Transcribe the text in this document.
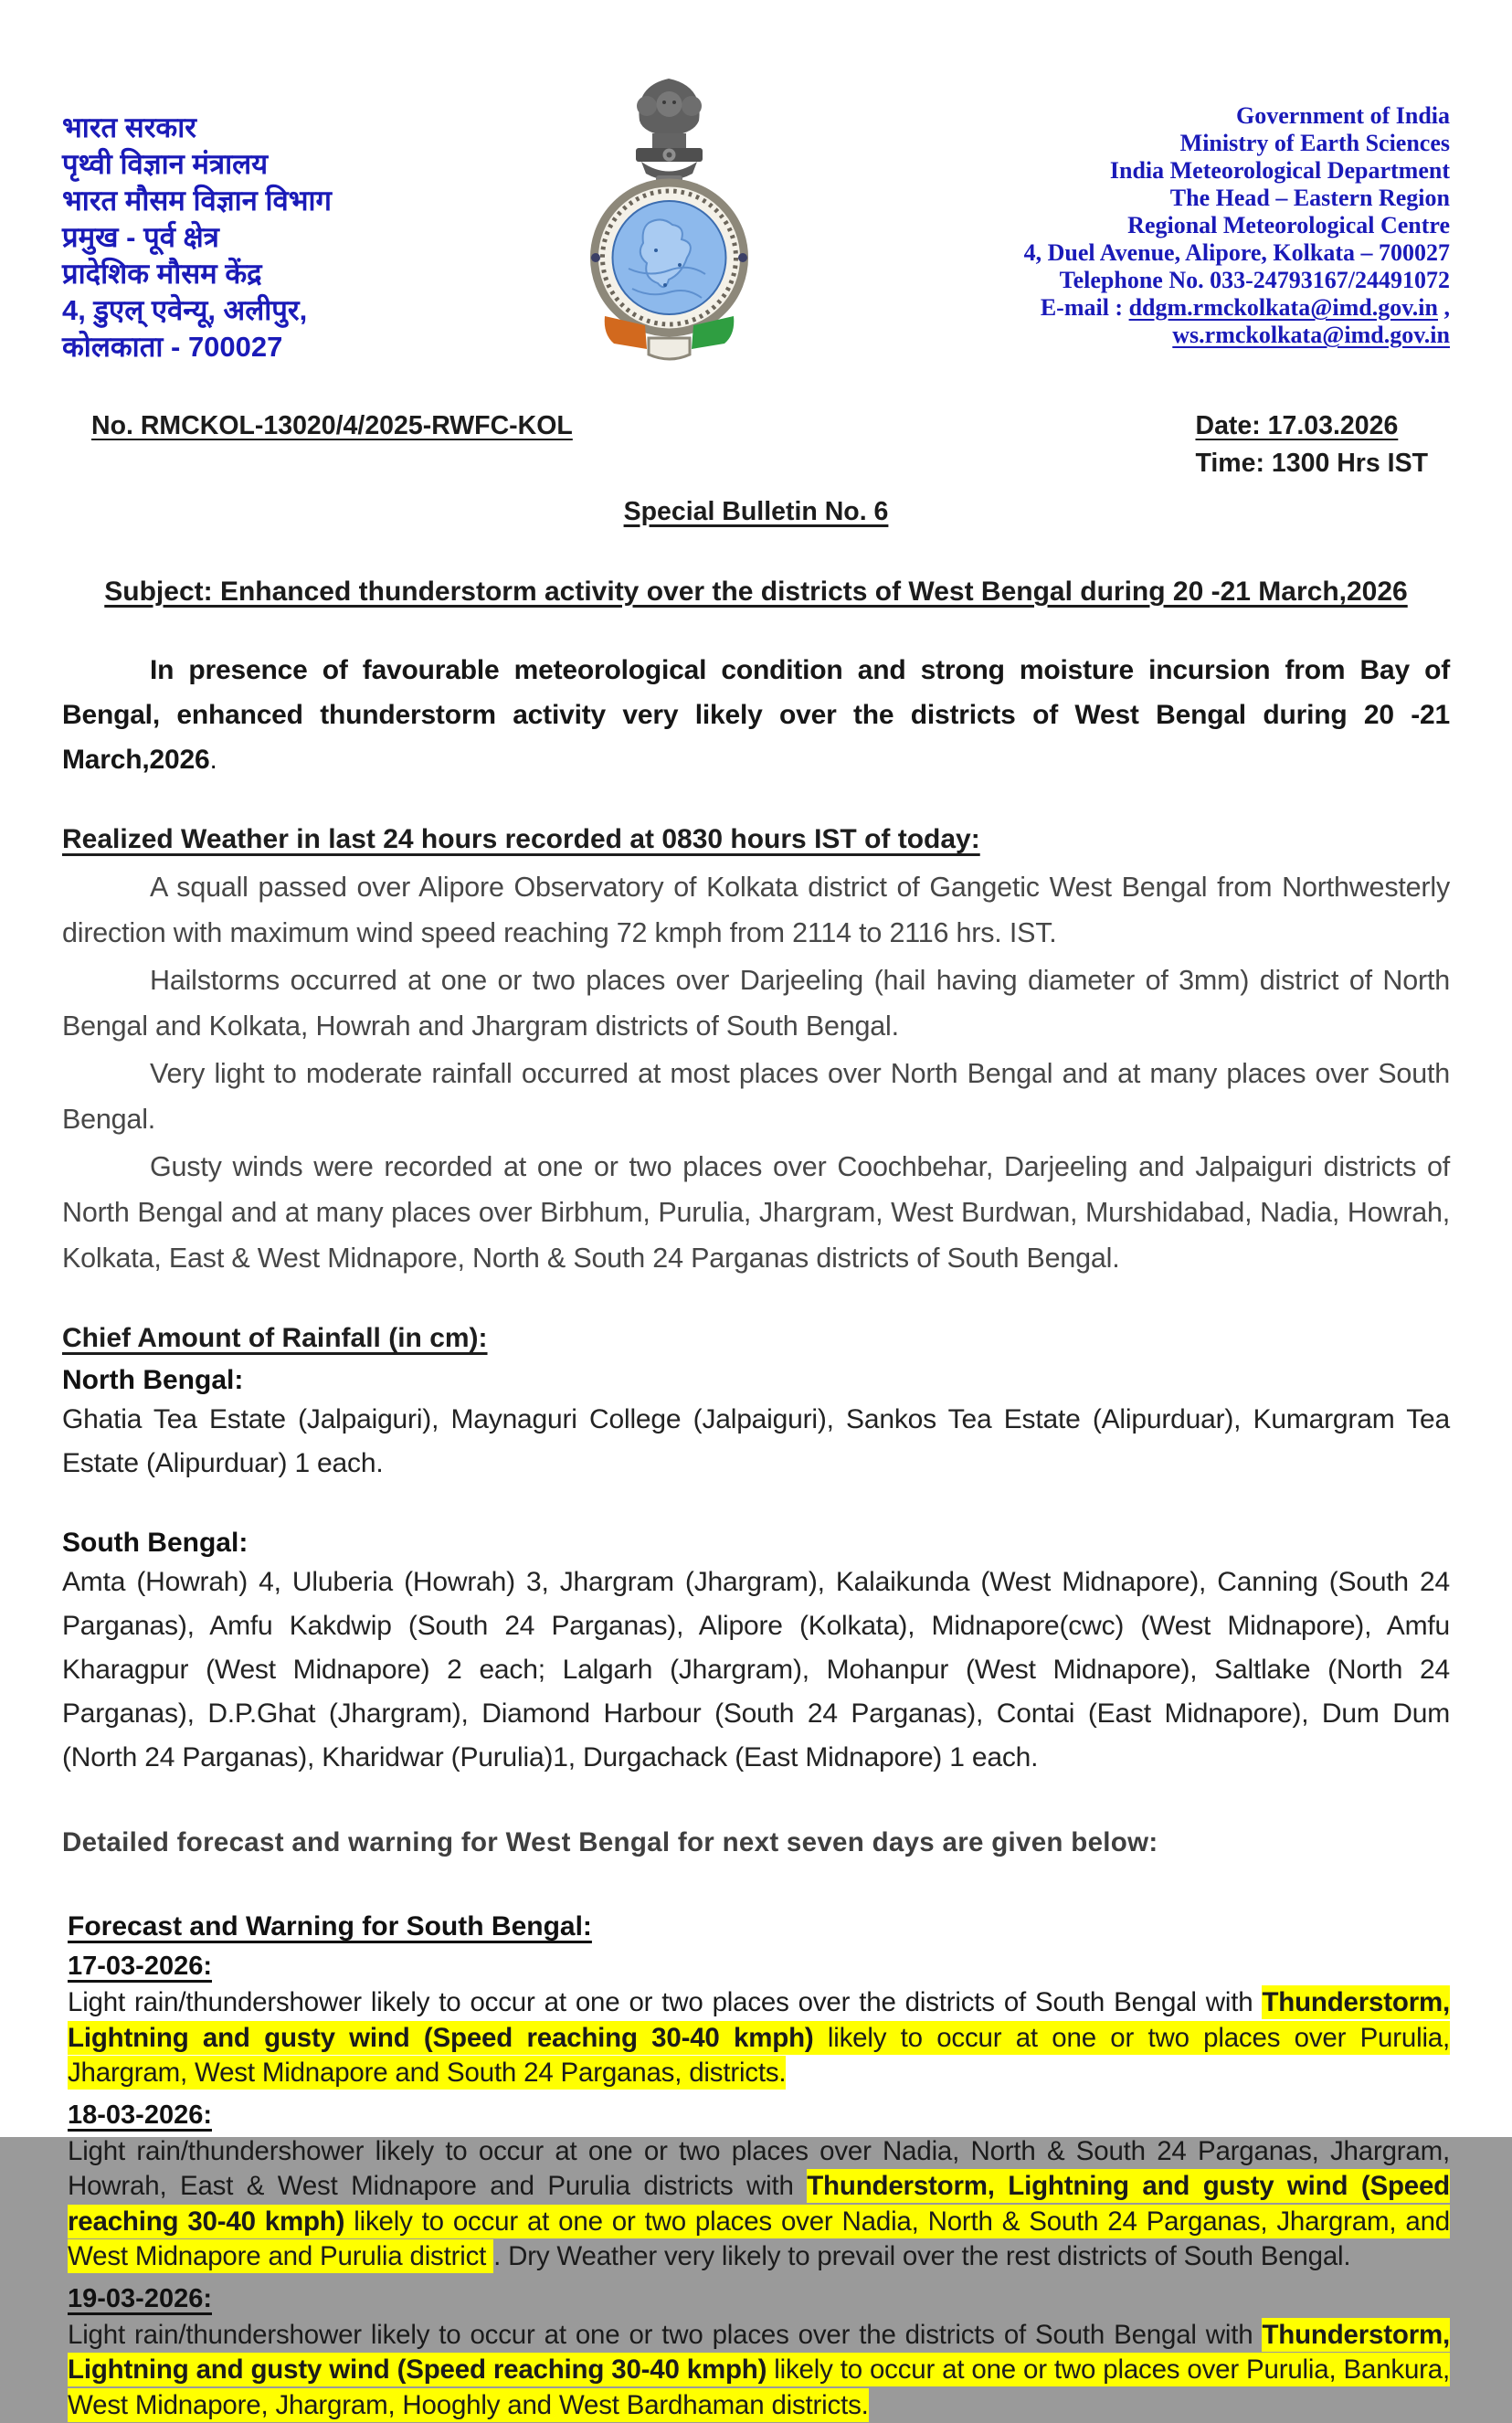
भारत सरकार
पृथ्वी विज्ञान मंत्रालय
भारत मौसम विज्ञान विभाग
प्रमुख - पूर्व क्षेत्र
प्रादेशिक मौसम केंद्र
4, डुएल् एवेन्यू, अलीपुर,
कोलकाता - 700027
Government of India
Ministry of Earth Sciences
India Meteorological Department
The Head – Eastern Region
Regional Meteorological Centre
4, Duel Avenue, Alipore, Kolkata – 700027
Telephone No. 033-24793167/24491072
E-mail : ddgm.rmckolkata@imd.gov.in ,
ws.rmckolkata@imd.gov.in
No. RMCKOL-13020/4/2025-RWFC-KOL	Date: 17.03.2026
Time: 1300 Hrs IST
Special Bulletin No. 6
Subject: Enhanced thunderstorm activity over the districts of West Bengal during 20 -21 March,2026

In presence of favourable meteorological condition and strong moisture incursion from Bay of Bengal, enhanced thunderstorm activity very likely over the districts of West Bengal during 20 -21 March,2026.

Realized Weather in last 24 hours recorded at 0830 hours IST of today:

A squall passed over Alipore Observatory of Kolkata district of Gangetic West Bengal from Northwesterly direction with maximum wind speed reaching 72 kmph from 2114 to 2116 hrs. IST.

Hailstorms occurred at one or two places over Darjeeling (hail having diameter of 3mm) district of North Bengal and Kolkata, Howrah and Jhargram districts of South Bengal.

Very light to moderate rainfall occurred at most places over North Bengal and at many places over South Bengal.

Gusty winds were recorded at one or two places over Coochbehar, Darjeeling and Jalpaiguri districts of North Bengal and at many places over Birbhum, Purulia, Jhargram, West Burdwan, Murshidabad, Nadia, Howrah, Kolkata, East & West Midnapore, North & South 24 Parganas districts of South Bengal.

Chief Amount of Rainfall (in cm):

North Bengal:

Ghatia Tea Estate (Jalpaiguri), Maynaguri College (Jalpaiguri), Sankos Tea Estate (Alipurduar), Kumargram Tea Estate (Alipurduar) 1 each.

South Bengal:

Amta (Howrah) 4, Uluberia (Howrah) 3, Jhargram (Jhargram), Kalaikunda (West Midnapore), Canning (South 24 Parganas), Amfu Kakdwip (South 24 Parganas), Alipore (Kolkata), Midnapore(cwc) (West Midnapore), Amfu Kharagpur (West Midnapore) 2 each; Lalgarh (Jhargram), Mohanpur (West Midnapore), Saltlake (North 24 Parganas), D.P.Ghat (Jhargram), Diamond Harbour (South 24 Parganas), Contai (East Midnapore), Dum Dum (North 24 Parganas), Kharidwar (Purulia)1, Durgachack (East Midnapore) 1 each.

Detailed forecast and warning for West Bengal for next seven days are given below:

Forecast and Warning for South Bengal:

17-03-2026:

Light rain/thundershower likely to occur at one or two places over the districts of South Bengal with Thunderstorm, Lightning and gusty wind (Speed reaching 30-40 kmph) likely to occur at one or two places over Purulia, Jhargram, West Midnapore and South 24 Parganas, districts.

18-03-2026:

Light rain/thundershower likely to occur at one or two places over Nadia, North & South 24 Parganas, Jhargram, Howrah, East & West Midnapore and Purulia districts with Thunderstorm, Lightning and gusty wind (Speed reaching 30-40 kmph) likely to occur at one or two places over Nadia, North & South 24 Parganas, Jhargram, and West Midnapore and Purulia district . Dry Weather very likely to prevail over the rest districts of South Bengal.

19-03-2026:

Light rain/thundershower likely to occur at one or two places over the districts of South Bengal with Thunderstorm, Lightning and gusty wind (Speed reaching 30-40 kmph) likely to occur at one or two places over Purulia, Bankura, West Midnapore, Jhargram, Hooghly and West Bardhaman districts.
